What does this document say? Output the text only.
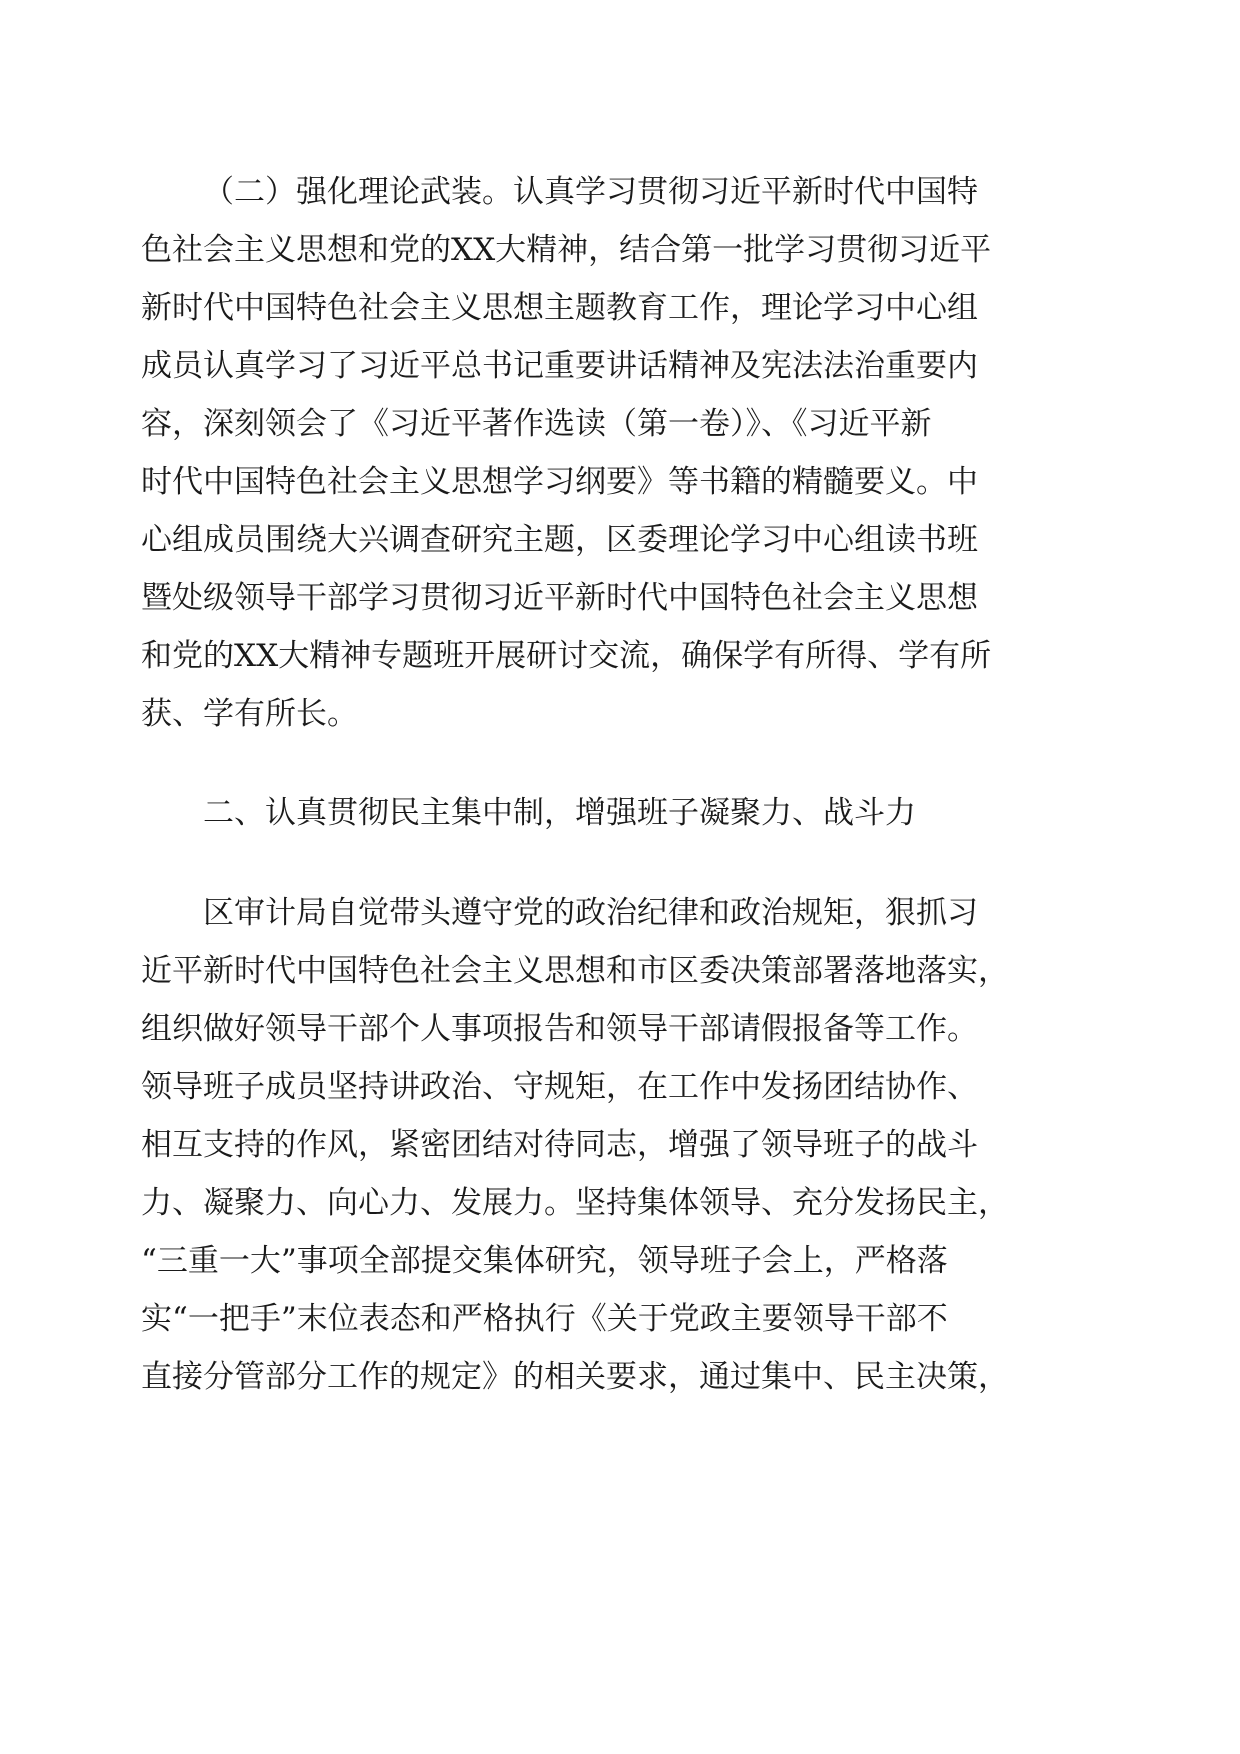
（二）强化理论武装。认真学习贯彻习近平新时代中国特
色社会主义思想和党的XX大精神，结合第一批学习贯彻习近平
新时代中国特色社会主义思想主题教育工作，理论学习中心组
成员认真学习了习近平总书记重要讲话精神及宪法法治重要内
容，深刻领会了《习近平著作选读（第一卷）》、《习近平新
时代中国特色社会主义思想学习纲要》等书籍的精髓要义。中
心组成员围绕大兴调查研究主题，区委理论学习中心组读书班
暨处级领导干部学习贯彻习近平新时代中国特色社会主义思想
和党的XX大精神专题班开展研讨交流，确保学有所得、学有所
获、学有所长。
二、认真贯彻民主集中制，增强班子凝聚力、战斗力
区审计局自觉带头遵守党的政治纪律和政治规矩，狠抓习
近平新时代中国特色社会主义思想和市区委决策部署落地落实，
组织做好领导干部个人事项报告和领导干部请假报备等工作。
领导班子成员坚持讲政治、守规矩，在工作中发扬团结协作、
相互支持的作风，紧密团结对待同志，增强了领导班子的战斗
力、凝聚力、向心力、发展力。坚持集体领导、充分发扬民主，
“三重一大”事项全部提交集体研究，领导班子会上，严格落
实“一把手”末位表态和严格执行《关于党政主要领导干部不
直接分管部分工作的规定》的相关要求，通过集中、民主决策，
